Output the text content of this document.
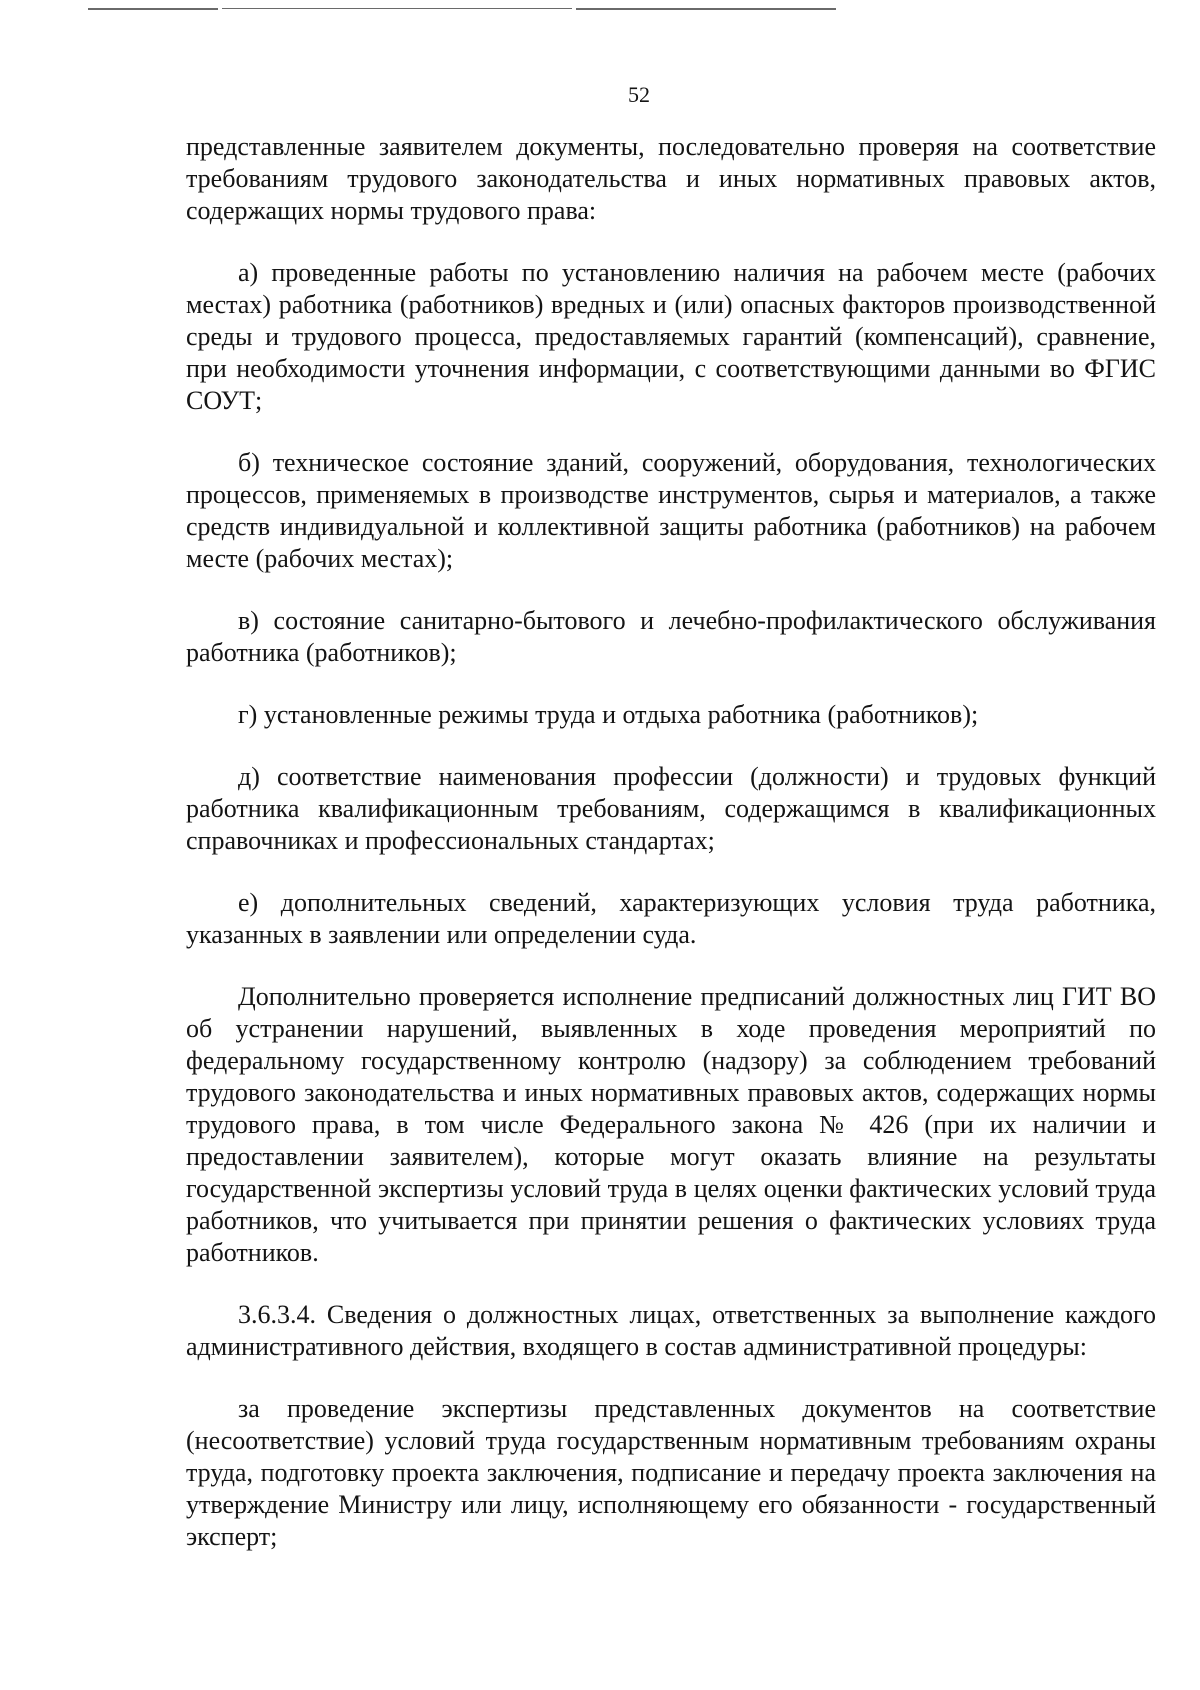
52

представленные заявителем документы, последовательно проверяя на соответствие требованиям трудового законодательства и иных нормативных правовых актов, содержащих нормы трудового права:

а) проведенные работы по установлению наличия на рабочем месте (рабочих местах) работника (работников) вредных и (или) опасных факторов производственной среды и трудового процесса, предоставляемых гарантий (компенсаций), сравнение, при необходимости уточнения информации, с соответствующими данными во ФГИС СОУТ;

б) техническое состояние зданий, сооружений, оборудования, технологических процессов, применяемых в производстве инструментов, сырья и материалов, а также средств индивидуальной и коллективной защиты работника (работников) на рабочем месте (рабочих местах);

в) состояние санитарно-бытового и лечебно-профилактического обслуживания работника (работников);

г) установленные режимы труда и отдыха работника (работников);

д) соответствие наименования профессии (должности) и трудовых функций работника квалификационным требованиям, содержащимся в квалификационных справочниках и профессиональных стандартах;

е) дополнительных сведений, характеризующих условия труда работника, указанных в заявлении или определении суда.

Дополнительно проверяется исполнение предписаний должностных лиц ГИТ ВО об устранении нарушений, выявленных в ходе проведения мероприятий по федеральному государственному контролю (надзору) за соблюдением требований трудового законодательства и иных нормативных правовых актов, содержащих нормы трудового права, в том числе Федерального закона № 426 (при их наличии и предоставлении заявителем), которые могут оказать влияние на результаты государственной экспертизы условий труда в целях оценки фактических условий труда работников, что учитывается при принятии решения о фактических условиях труда работников.

3.6.3.4. Сведения о должностных лицах, ответственных за выполнение каждого административного действия, входящего в состав административной процедуры:

за проведение экспертизы представленных документов на соответствие (несоответствие) условий труда государственным нормативным требованиям охраны труда, подготовку проекта заключения, подписание и передачу проекта заключения на утверждение Министру или лицу, исполняющему его обязанности - государственный эксперт;
